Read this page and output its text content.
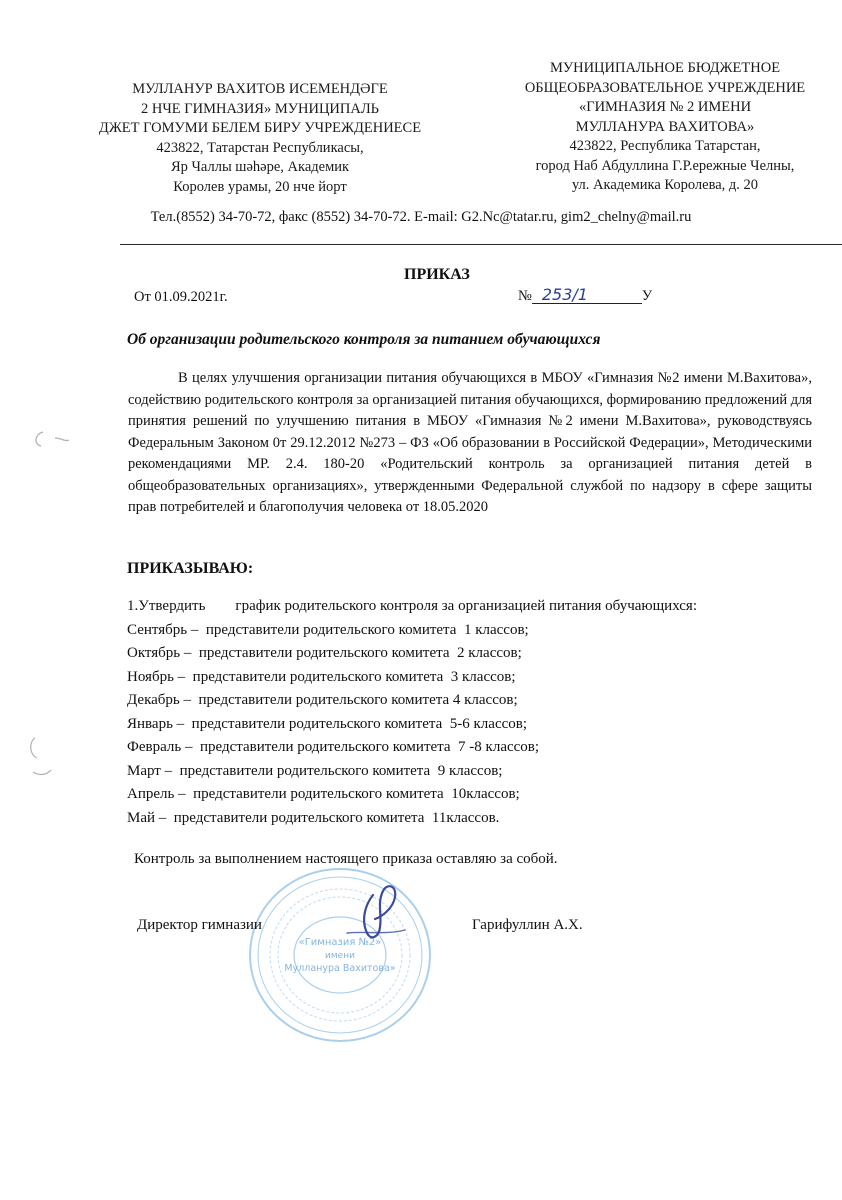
МУЛЛАНУР ВАХИТОВ ИСЕМЕНДӘГЕ
2 НЧЕ ГИМНАЗИЯ» МУНИЦИПАЛЬ
ДЖЕТ ГОМУМИ БЕЛЕМ БИРУ УЧРЕЖДЕНИЕСЕ
423822, Татарстан Республикасы,
Яр Чаллы шәһәре, Академик
Королев урамы, 20 нче йорт
МУНИЦИПАЛЬНОЕ БЮДЖЕТНОЕ
ОБЩЕОБРАЗОВАТЕЛЬНОЕ УЧРЕЖДЕНИЕ
«ГИМНАЗИЯ № 2 ИМЕНИ
МУЛЛАНУРА ВАХИТОВА»
423822, Республика Татарстан,
город Наб Абдуллина Г.Р.ережные Челны,
ул. Академика Королева, д. 20
Тел.(8552) 34-70-72, факс (8552) 34-70-72. E-mail: G2.Nc@tatar.ru, gim2_chelny@mail.ru
ПРИКАЗ
От 01.09.2021г.	№ 253/1	У
Об организации родительского контроля за питанием обучающихся
В целях улучшения организации питания обучающихся в МБОУ «Гимназия №2 имени М.Вахитова», содействию родительского контроля за организацией питания обучающихся, формированию предложений для принятия решений по улучшению питания в МБОУ «Гимназия №2 имени М.Вахитова», руководствуясь Федеральным Законом 0т 29.12.2012 №273 – ФЗ «Об образовании в Российской Федерации», Методическими рекомендациями МР. 2.4. 180-20 «Родительский контроль за организацией питания детей в общеобразовательных организациях», утвержденными Федеральной службой по надзору в сфере защиты прав потребителей и благополучия человека от 18.05.2020
ПРИКАЗЫВАЮ:
1.Утвердить        график родительского контроля за организацией питания обучающихся:
Сентябрь –  представители родительского комитета  1 классов;
Октябрь –  представители родительского комитета  2 классов;
Ноябрь –  представители родительского комитета  3 классов;
Декабрь –  представители родительского комитета 4 классов;
Январь –  представители родительского комитета  5-6 классов;
Февраль –  представители родительского комитета  7 -8 классов;
Март –  представители родительского комитета  9 классов;
Апрель –  представители родительского комитета  10классов;
Май –  представители родительского комитета  11классов.
Контроль за выполнением настоящего приказа оставляю за собой.
«Гимназия №2»
имени
Мулланура Вахитова»
Директор гимназии	Гарифуллин А.Х.
